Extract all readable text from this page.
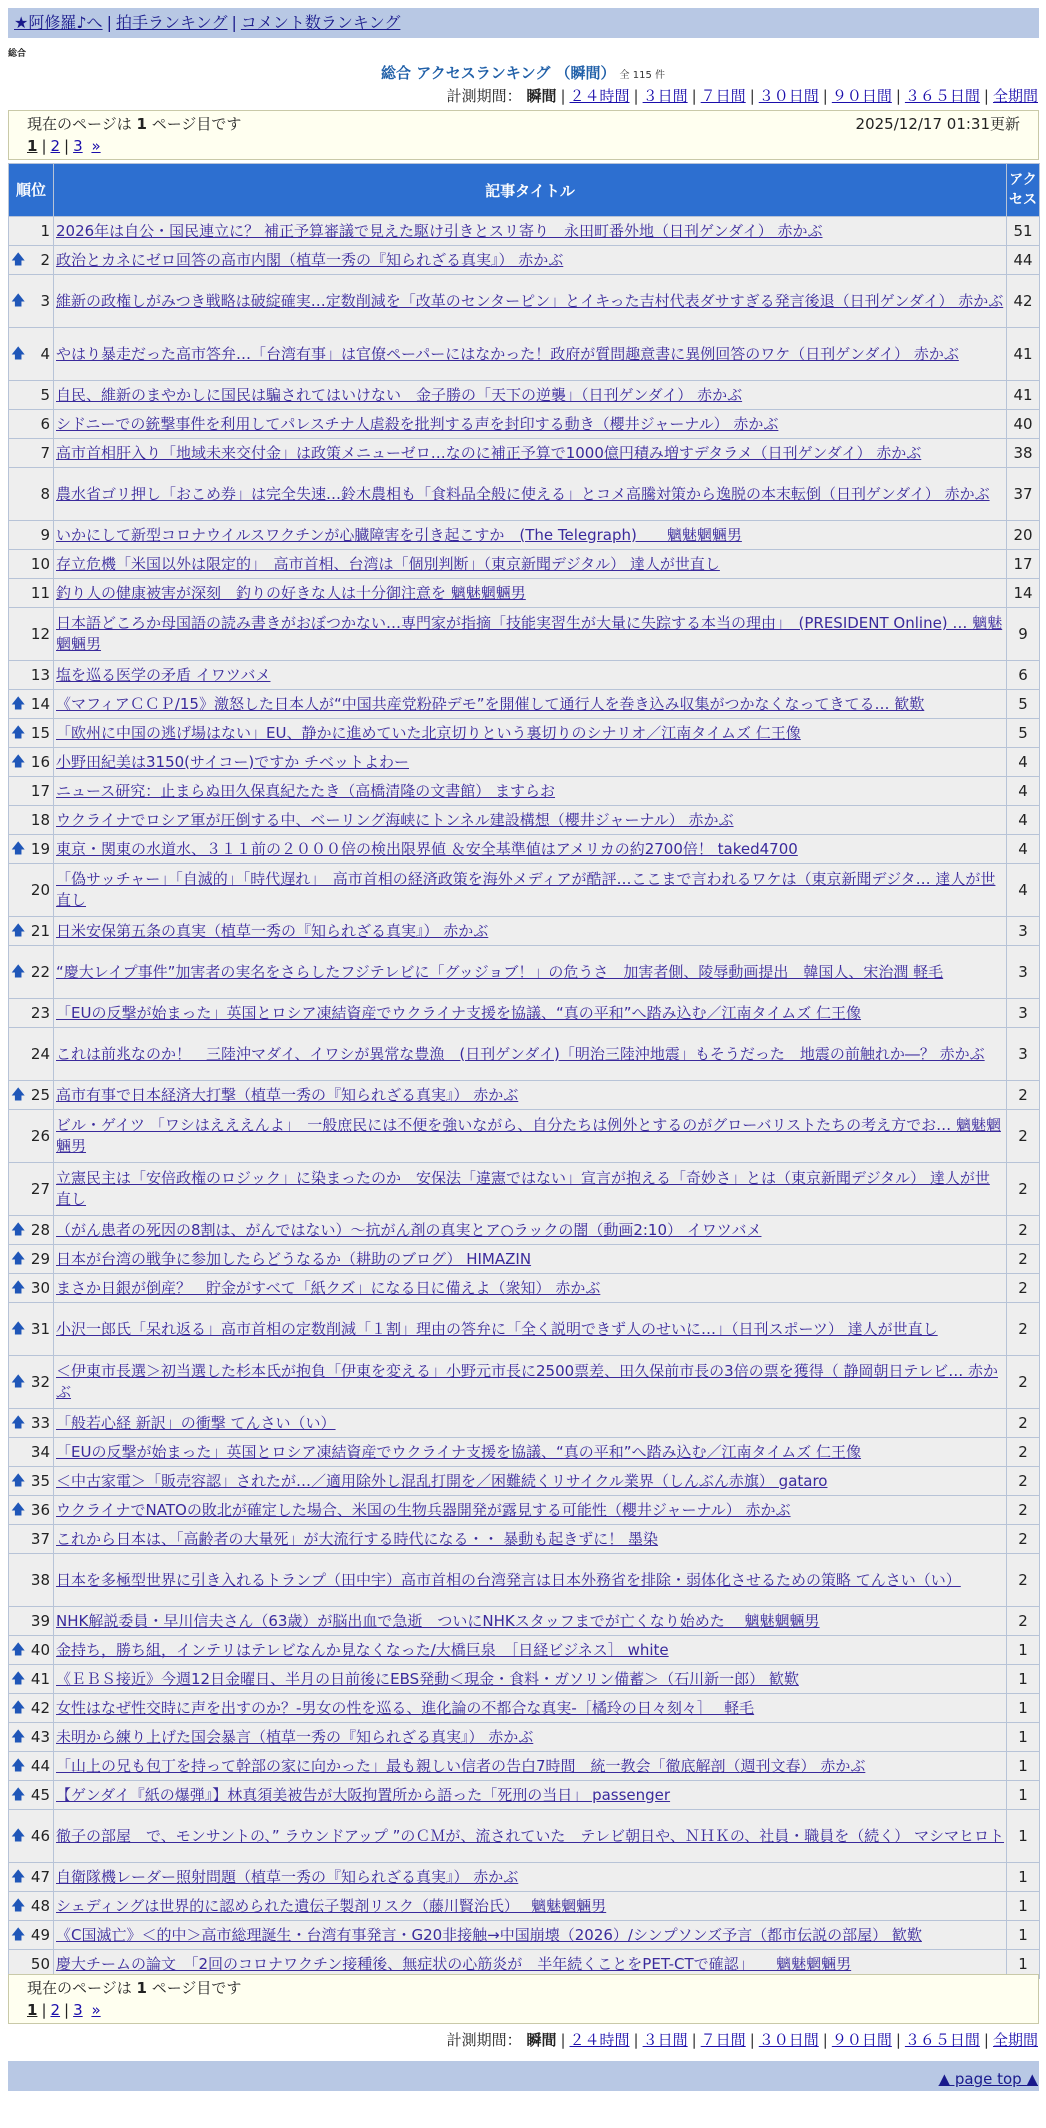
★阿修羅♪へ | 拍手ランキング | コメント数ランキング
総合
総合 アクセスランキング （瞬間） 全 115 件
計測期間： 瞬間 | ２４時間 | ３日間 | ７日間 | ３０日間 | ９０日間 | ３６５日間 | 全期間
現在のページは 1 ページ目です	2025/12/17 01:31更新
1 | 2 | 3 »
順位	記事タイトル	アクセス
1	2026年は自公・国民連立に？ 補正予算審議で見えた駆け引きとスリ寄り　永田町番外地（日刊ゲンダイ） 赤かぶ	51

🡅 2	政治とカネにゼロ回答の高市内閣（植草一秀の『知られざる真実』） 赤かぶ	44

🡅 3	維新の政権しがみつき戦略は破綻確実…定数削減を「改革のセンターピン」とイキった吉村代表ダサすぎる発言後退（日刊ゲンダイ） 赤かぶ	42

🡅 4	やはり暴走だった高市答弁…「台湾有事」は官僚ペーパーにはなかった！政府が質問趣意書に異例回答のワケ（日刊ゲンダイ） 赤かぶ	41
5	自民、維新のまやかしに国民は騙されてはいけない　金子勝の「天下の逆襲」（日刊ゲンダイ） 赤かぶ	41
6	シドニーでの銃撃事件を利用してパレスチナ人虐殺を批判する声を封印する動き（櫻井ジャーナル） 赤かぶ	40
7	高市首相肝入り「地域未来交付金」は政策メニューゼロ…なのに補正予算で1000億円積み増すデタラメ（日刊ゲンダイ） 赤かぶ	38
8	農水省ゴリ押し「おこめ券」は完全失速…鈴木農相も「食料品全般に使える」とコメ高騰対策から逸脱の本末転倒（日刊ゲンダイ） 赤かぶ	37
9	いかにして新型コロナウイルスワクチンが心臓障害を引き起こすか　(The Telegraph)　　魑魅魍魎男	20
10	存立危機「米国以外は限定的」　高市首相、台湾は「個別判断」（東京新聞デジタル） 達人が世直し	17
11	釣り人の健康被害が深刻　釣りの好きな人は十分御注意を 魑魅魍魎男	14
12	日本語どころか母国語の読み書きがおぼつかない…専門家が指摘「技能実習生が大量に失踪する本当の理由」　(PRESIDENT Online) … 魑魅魍魎男	9
13	塩を巡る医学の矛盾 イワツバメ	6

🡅 14	《マフィアＣＣＰ/15》激怒した日本人が“中国共産党粉砕デモ”を開催して通行人を巻き込み収集がつかなくなってきてる… 歓歎	5

🡅 15	「欧州に中国の逃げ場はない」EU、静かに進めていた北京切りという裏切りのシナリオ／江南タイムズ 仁王像	5

🡅 16	小野田紀美は3150(サイコー)ですか チベットよわー	4
17	ニュース研究：止まらぬ田久保真紀たたき（高橋清隆の文書館） ますらお	4
18	ウクライナでロシア軍が圧倒する中、ベーリング海峡にトンネル建設構想（櫻井ジャーナル） 赤かぶ	4

🡅 19	東京・関東の水道水、３１１前の２０００倍の検出限界値 ＆安全基準値はアメリカの約2700倍！ taked4700	4
20	「偽サッチャー」「自滅的」「時代遅れ」　高市首相の経済政策を海外メディアが酷評…ここまで言われるワケは（東京新聞デジタ… 達人が世直し	4

🡅 21	日米安保第五条の真実（植草一秀の『知られざる真実』） 赤かぶ	3

🡅 22	“慶大レイプ事件”加害者の実名をさらしたフジテレビに「グッジョブ！」の危うさ　加害者側、陵辱動画提出　韓国人、宋治潤 軽毛	3
23	「EUの反撃が始まった」英国とロシア凍結資産でウクライナ支援を協議、“真の平和”へ踏み込む／江南タイムズ 仁王像	3
24	これは前兆なのか！　三陸沖マダイ、イワシが異常な豊漁　(日刊ゲンダイ)「明治三陸沖地震」もそうだった　地震の前触れか―？ 赤かぶ	3

🡅 25	高市有事で日本経済大打撃（植草一秀の『知られざる真実』） 赤かぶ	2
26	ビル・ゲイツ 「ワシはえええんよ」　一般庶民には不便を強いながら、自分たちは例外とするのがグローバリストたちの考え方でお… 魑魅魍魎男	2
27	立憲民主は「安倍政権のロジック」に染まったのか　安保法「違憲ではない」宣言が抱える「奇妙さ」とは（東京新聞デジタル） 達人が世直し	2

🡅 28	（がん患者の死因の8割は、がんではない）～抗がん剤の真実とア○ラックの闇（動画2:10） イワツバメ	2

🡅 29	日本が台湾の戦争に参加したらどうなるか（耕助のブログ） HIMAZIN	2

🡅 30	まさか日銀が倒産？　貯金がすべて「紙クズ」になる日に備えよ（衆知） 赤かぶ	2

🡅 31	小沢一郎氏「呆れ返る」高市首相の定数削減「１割」理由の答弁に「全く説明できず人のせいに…」（日刊スポーツ） 達人が世直し	2

🡅 32	＜伊東市長選＞初当選した杉本氏が抱負「伊東を変える」小野元市長に2500票差、田久保前市長の3倍の票を獲得（ 静岡朝日テレビ… 赤かぶ	2

🡅 33	「般若心経 新訳」の衝撃 てんさい（い）	2
34	「EUの反撃が始まった」英国とロシア凍結資産でウクライナ支援を協議、“真の平和”へ踏み込む／江南タイムズ 仁王像	2

🡅 35	＜中古家電＞「販売容認」されたが…／適用除外し混乱打開を／困難続くリサイクル業界（しんぶん赤旗） gataro	2

🡅 36	ウクライナでNATOの敗北が確定した場合、米国の生物兵器開発が露見する可能性（櫻井ジャーナル） 赤かぶ	2
37	これから日本は、「高齢者の大量死」が大流行する時代になる・・ 暴動も起きずに！ 墨染	2
38	日本を多極型世界に引き入れるトランプ（田中宇）高市首相の台湾発言は日本外務省を排除・弱体化させるための策略 てんさい（い）	2
39	NHK解説委員・早川信夫さん（63歳）が脳出血で急逝　ついにNHKスタッフまでが亡くなり始めた　 魑魅魍魎男	2

🡅 40	金持ち，勝ち組，インテリはテレビなんか見なくなった/大橋巨泉　［日経ビジネス］ white	1

🡅 41	《ＥＢＳ接近》今週12日金曜日、半月の日前後にEBS発動＜現金・食料・ガソリン備蓄＞（石川新一郎） 歓歎	1

🡅 42	女性はなぜ性交時に声を出すのか？-男女の性を巡る、進化論の不都合な真実-［橘玲の日々刻々］　 軽毛	1

🡅 43	未明から練り上げた国会暴言（植草一秀の『知られざる真実』） 赤かぶ	1

🡅 44	「山上の兄も包丁を持って幹部の家に向かった」最も親しい信者の告白7時間　統一教会「徹底解剖（週刊文春） 赤かぶ	1

🡅 45	【ゲンダイ『紙の爆弾』】林真須美被告が大阪拘置所から語った「死刑の当日」 passenger	1

🡅 46	徹子の部屋　で、モンサントの、” ラウンドアップ ”のＣＭが、流されていた　テレビ朝日や、ＮＨＫの、社員・職員を（続く） マシマヒロト	1

🡅 47	自衛隊機レーダー照射問題（植草一秀の『知られざる真実』） 赤かぶ	1

🡅 48	シェディングは世界的に認められた遺伝子製剤リスク（藤川賢治氏）　 魑魅魍魎男	1

🡅 49	《C国滅亡》＜的中＞高市総理誕生・台湾有事発言・G20非接触→中国崩壊（2026）/シンプソンズ予言（都市伝説の部屋） 歓歎	1
50	慶大チームの論文　「2回のコロナワクチン接種後、無症状の心筋炎が　半年続くことをPET-CTで確認」　　魑魅魍魎男	1
現在のページは 1 ページ目です
1 | 2 | 3 »
計測期間： 瞬間 | ２４時間 | ３日間 | ７日間 | ３０日間 | ９０日間 | ３６５日間 | 全期間
▲ page top ▲
